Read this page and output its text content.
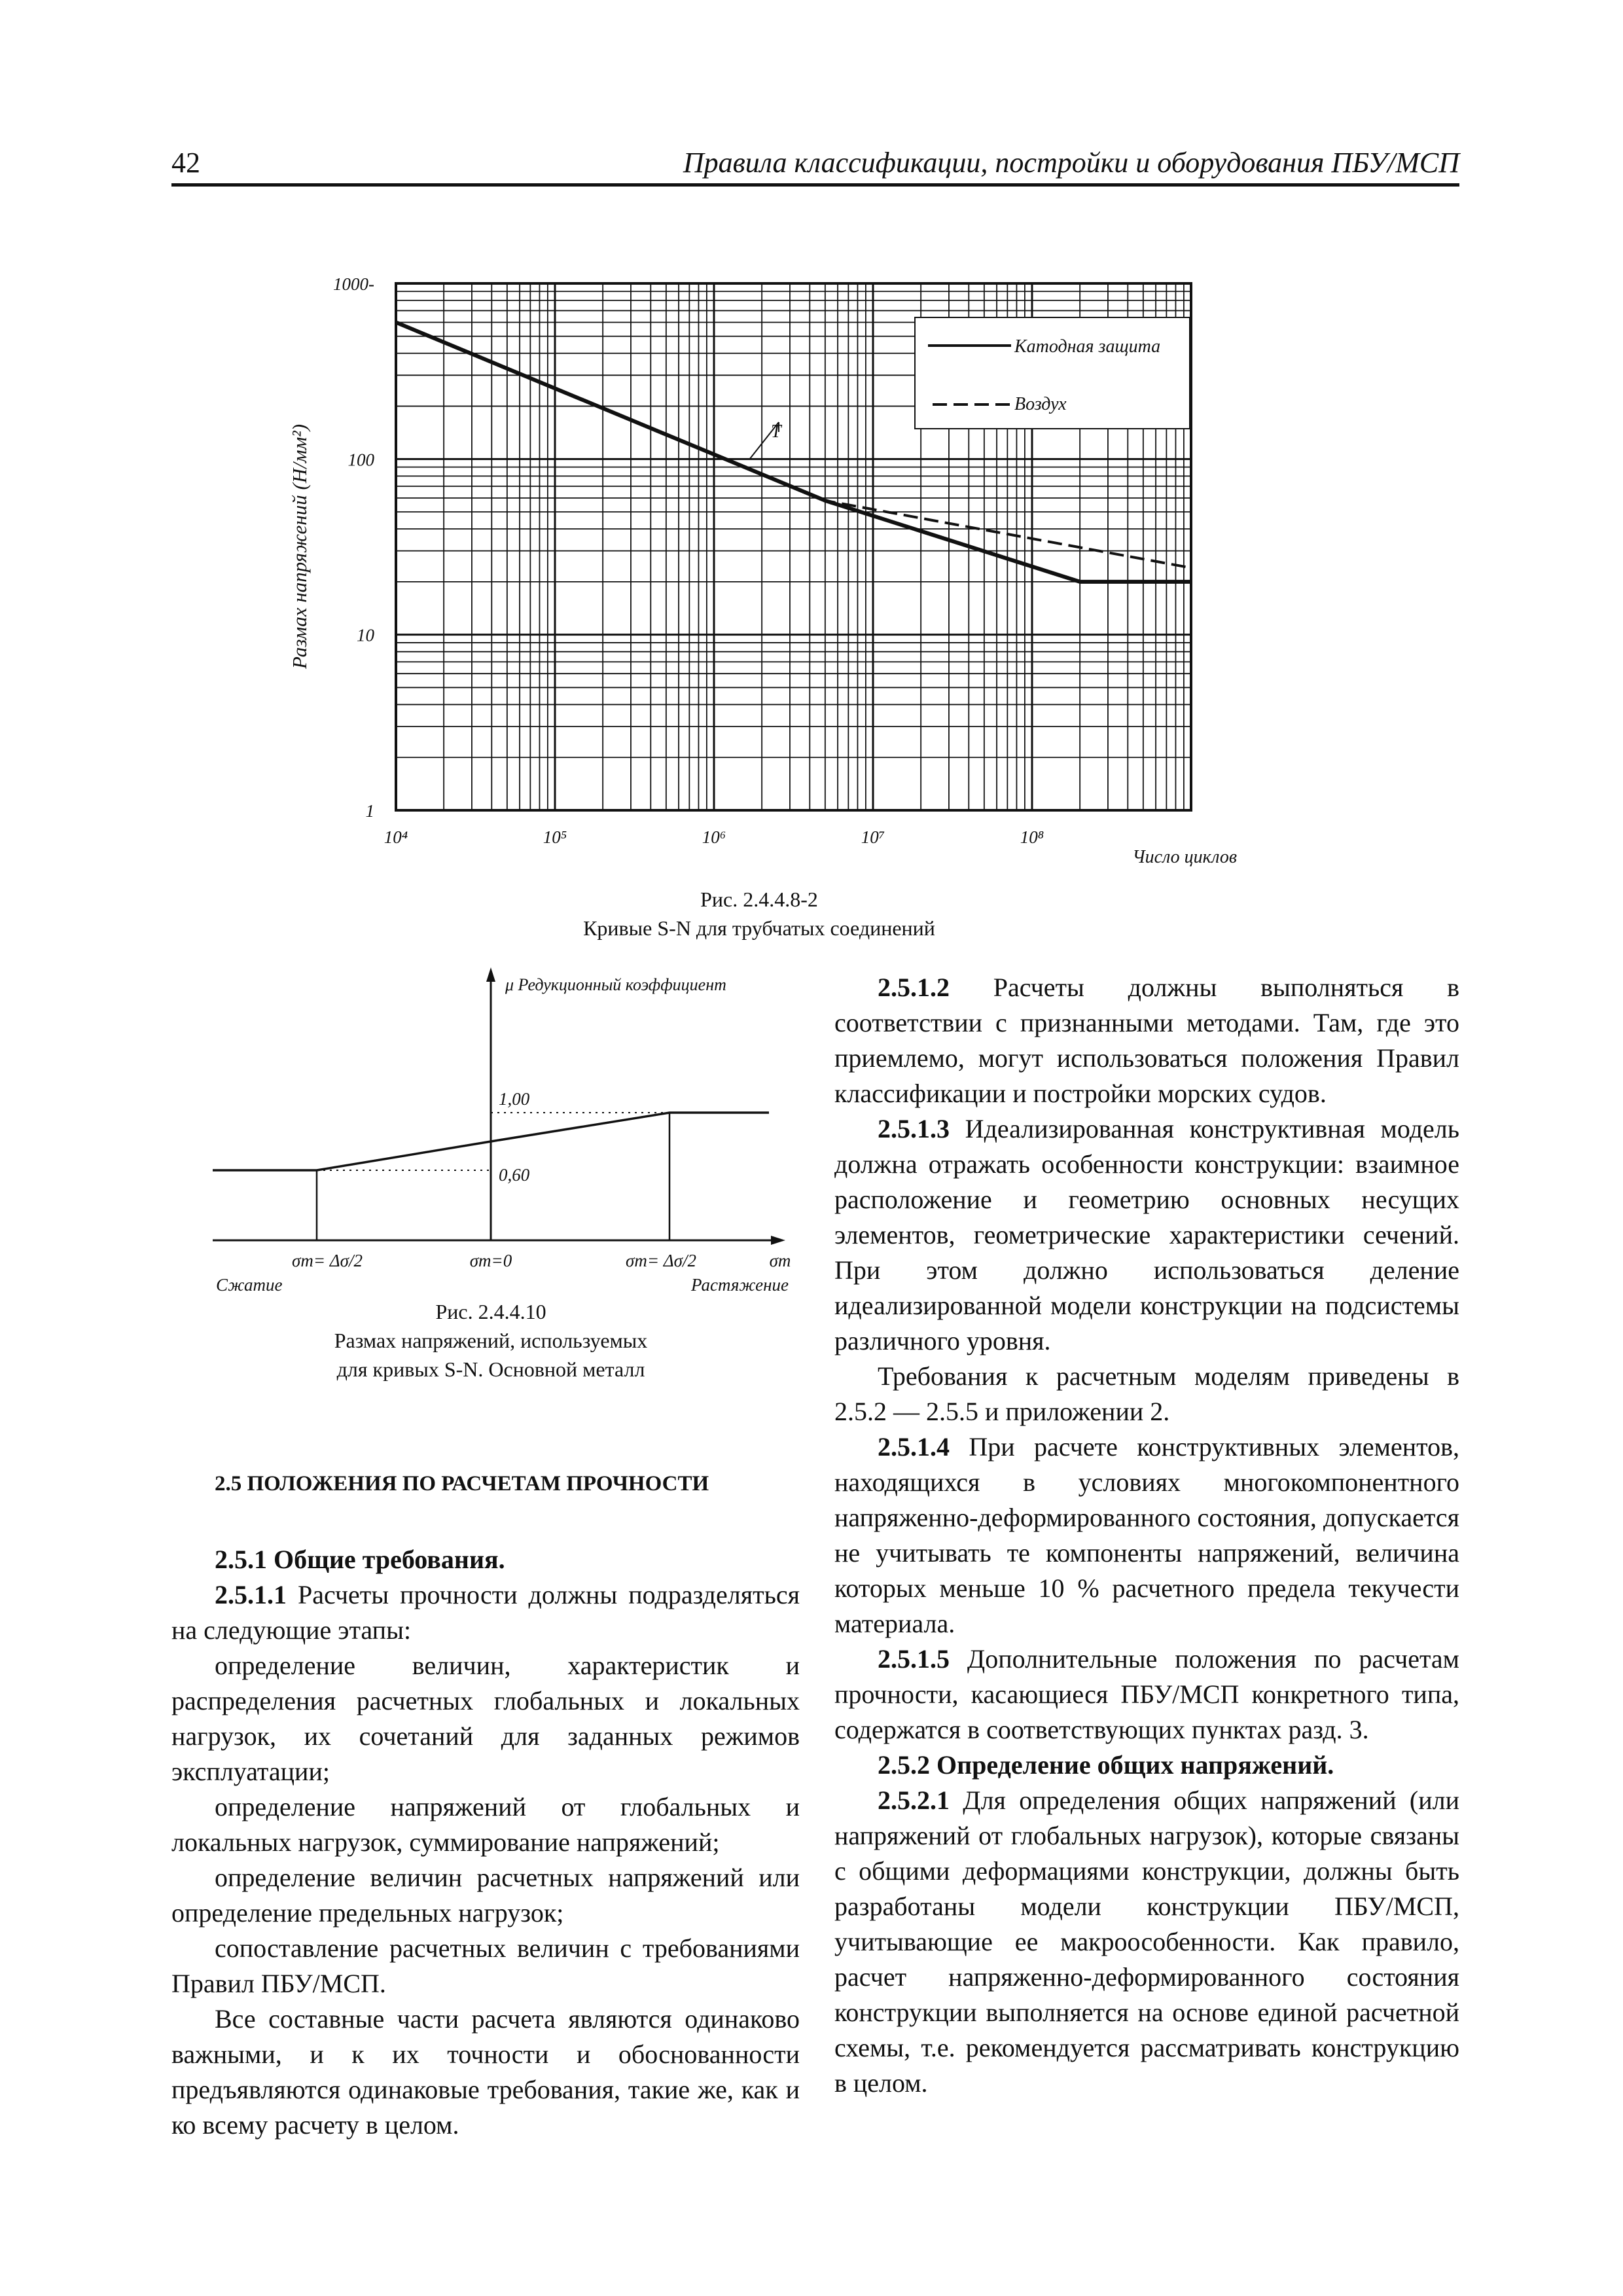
42	Правила классификации, постройки и оборудования ПБУ/МСП
10⁴	10⁵	10⁶	10⁷	10⁸
1000-
100
10
1
Размах напряжений (Н/мм²)
Число циклов
Катодная защита
Воздух
T
Рис. 2.4.4.8-2
Кривые S-N для трубчатых соединений
μ Редукционный коэффициент
1,00
0,60
σm= Δσ/2	σm=0	σm= Δσ/2	σm
Сжатие	Растяжение
Рис. 2.4.4.10
Размах напряжений, используемых
для кривых S-N. Основной металл

2.5 ПОЛОЖЕНИЯ ПО РАСЧЕТАМ ПРОЧНОСТИ

2.5.1 Общие требования.

2.5.1.1 Расчеты прочности должны подразделяться на следующие этапы:

определение величин, характеристик и распределения расчетных глобальных и локальных нагрузок, их сочетаний для заданных режимов эксплуатации;

определение напряжений от глобальных и локальных нагрузок, суммирование напряжений;

определение величин расчетных напряжений или определение предельных нагрузок;

сопоставление расчетных величин с требованиями Правил ПБУ/МСП.

Все составные части расчета являются одинаково важными, и к их точности и обоснованности предъявляются одинаковые требования, такие же, как и ко всему расчету в целом.

2.5.1.2 Расчеты должны выполняться в соответствии с признанными методами. Там, где это приемлемо, могут использоваться положения Правил классификации и постройки морских судов.

2.5.1.3 Идеализированная конструктивная модель должна отражать особенности конструкции: взаимное расположение и геометрию основных несущих элементов, геометрические характеристики сечений. При этом должно использоваться деление идеализированной модели конструкции на подсистемы различного уровня.

Требования к расчетным моделям приведены в 2.5.2 — 2.5.5 и приложении 2.

2.5.1.4 При расчете конструктивных элементов, находящихся в условиях многокомпонентного напряженно-деформированного состояния, допускается не учитывать те компоненты напряжений, величина которых меньше 10 % расчетного предела текучести материала.

2.5.1.5 Дополнительные положения по расчетам прочности, касающиеся ПБУ/МСП конкретного типа, содержатся в соответствующих пунктах разд. 3.

2.5.2 Определение общих напряжений.

2.5.2.1 Для определения общих напряжений (или напряжений от глобальных нагрузок), которые связаны с общими деформациями конструкции, должны быть разработаны модели конструкции ПБУ/МСП, учитывающие ее макроособенности. Как правило, расчет напряженно-деформированного состояния конструкции выполняется на основе единой расчетной схемы, т.е. рекомендуется рассматривать конструкцию в целом.
